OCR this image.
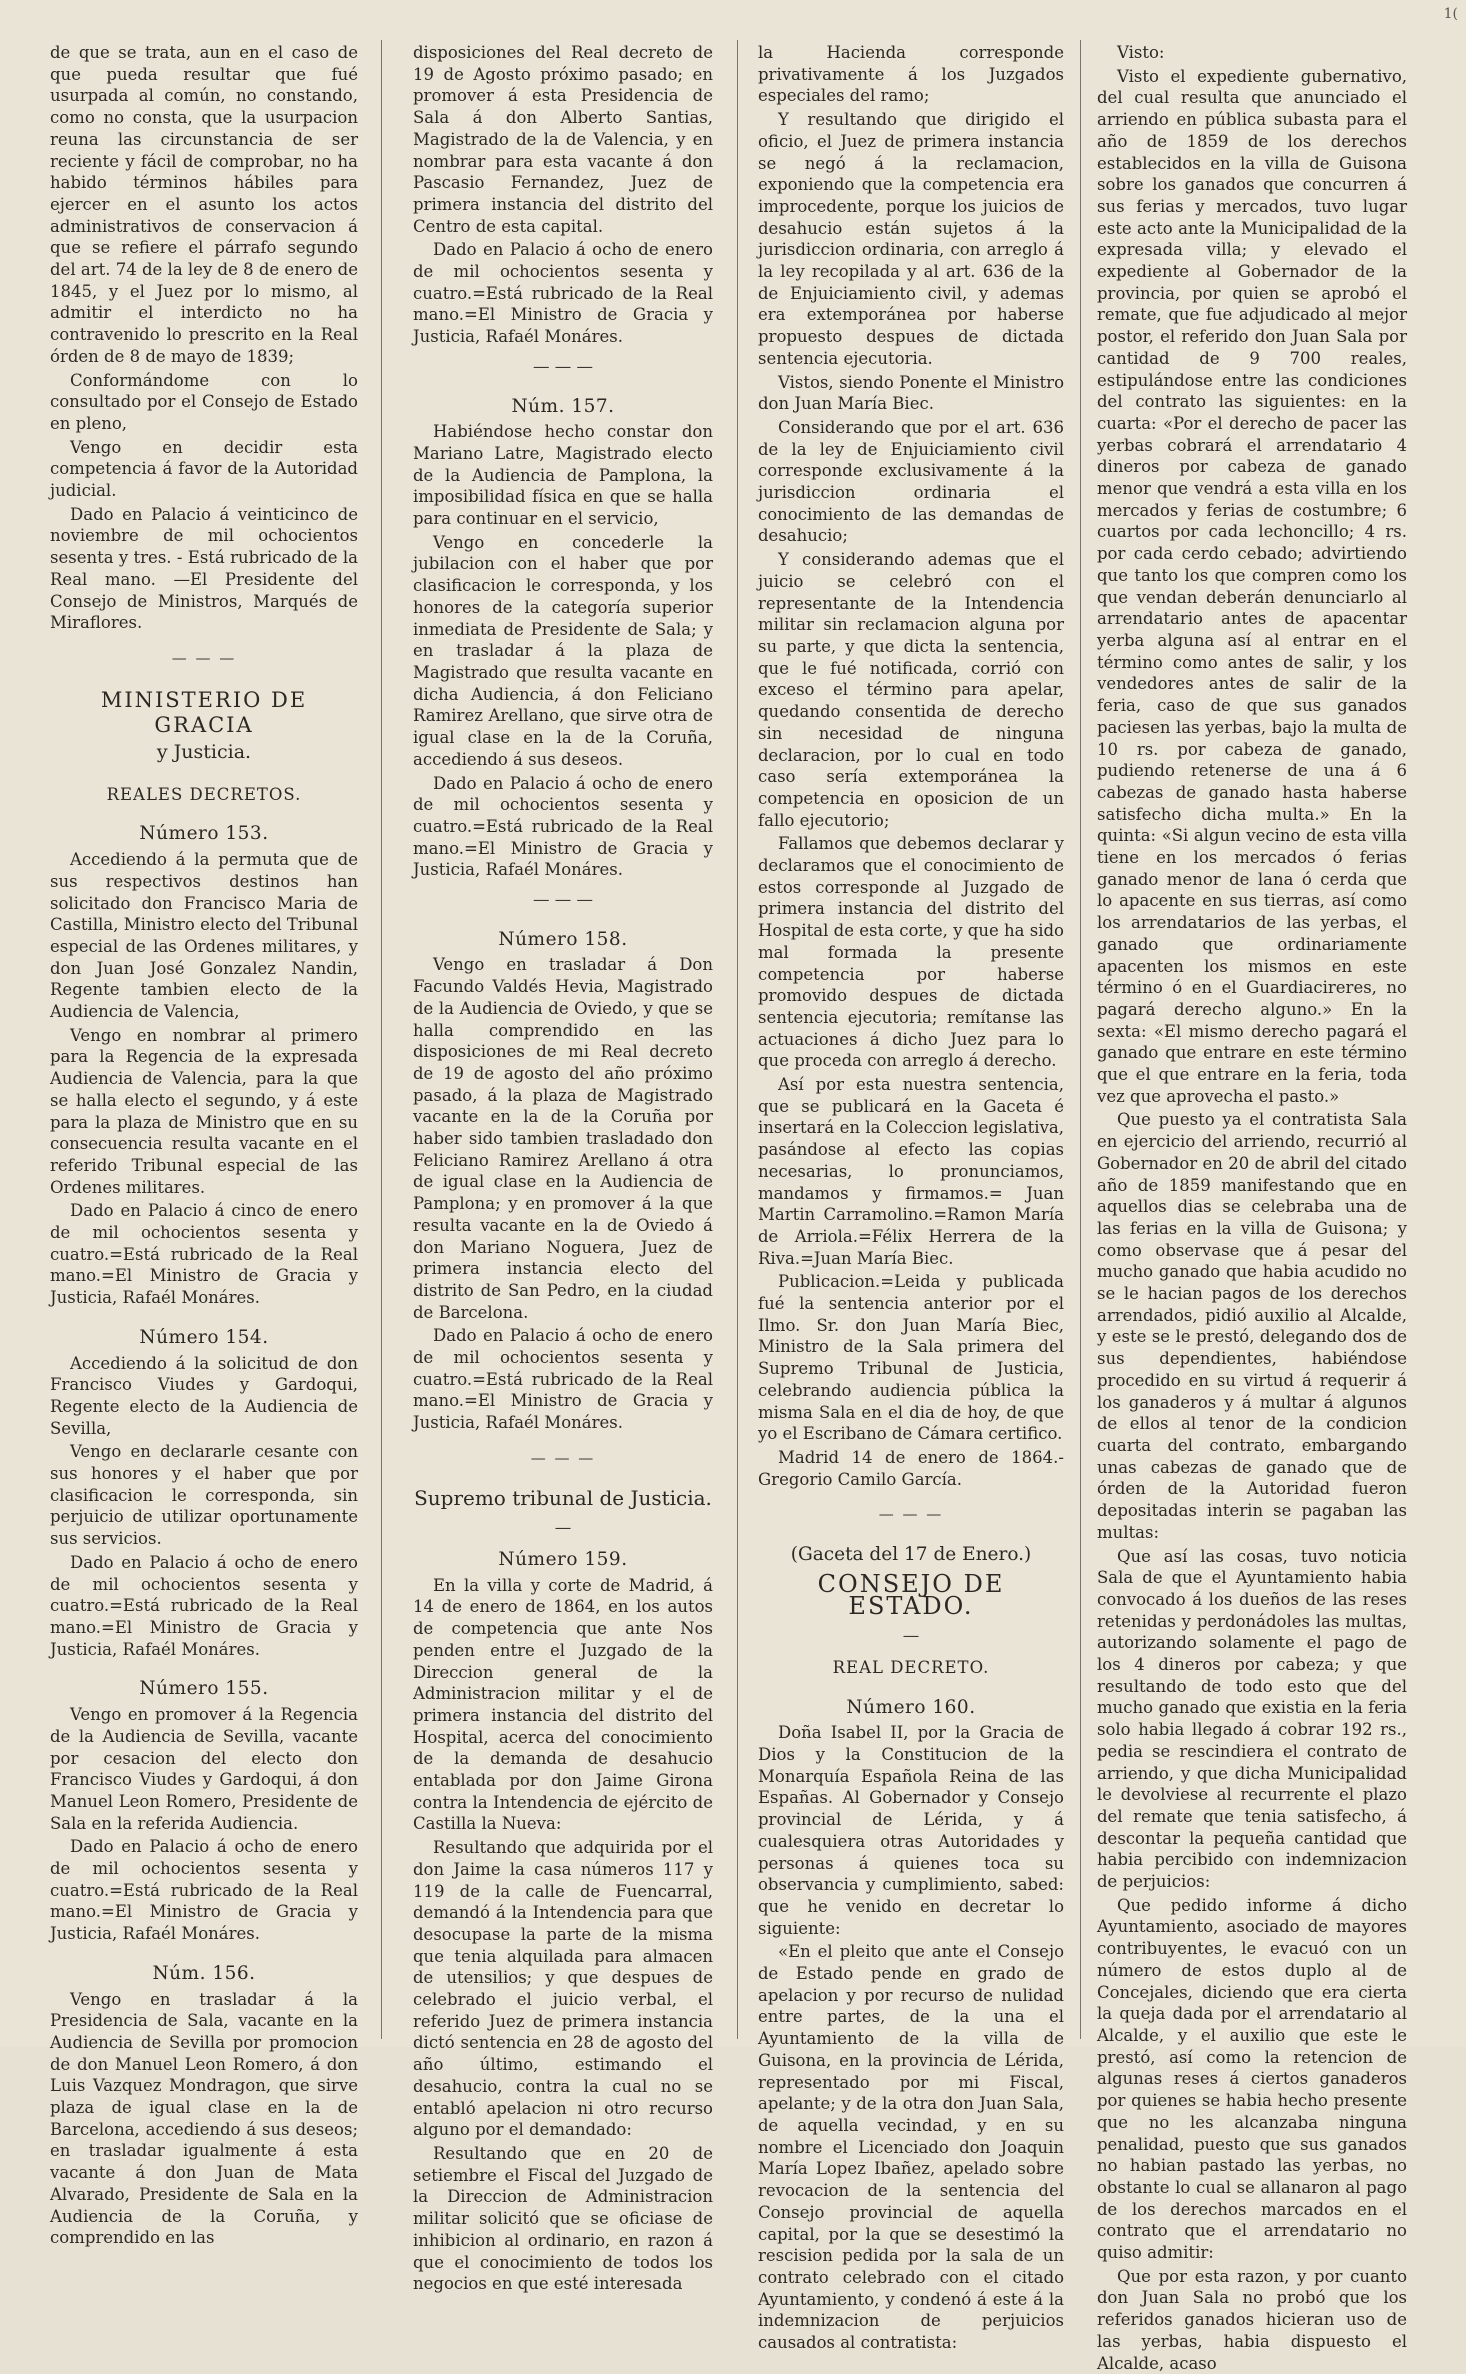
1(

de que se trata, aun en el caso de que pueda resultar que fué usurpada al común, no constando, como no consta, que la usurpacion reuna las circunstancia de ser reciente y fácil de comprobar, no ha habido términos hábiles para ejercer en el asunto los actos administrativos de conservacion á que se refiere el párrafo segundo del art. 74 de la ley de 8 de enero de 1845, y el Juez por lo mismo, al admitir el interdicto no ha contravenido lo prescrito en la Real órden de 8 de mayo de 1839;

Conformándome con lo consultado por el Consejo de Estado en pleno,

Vengo en decidir esta competencia á favor de la Autoridad judicial.

Dado en Palacio á veinticinco de noviembre de mil ochocientos sesenta y tres. - Está rubricado de la Real mano. —El Presidente del Consejo de Ministros, Marqués de Miraflores.

— — —
MINISTERIO DE GRACIA
y Justicia.
REALES DECRETOS.
Número 153.

Accediendo á la permuta que de sus respectivos destinos han solicitado don Francisco Maria de Castilla, Ministro electo del Tribunal especial de las Ordenes militares, y don Juan José Gonzalez Nandin, Regente tambien electo de la Audiencia de Valencia,

Vengo en nombrar al primero para la Regencia de la expresada Audiencia de Valencia, para la que se halla electo el segundo, y á este para la plaza de Ministro que en su consecuencia resulta vacante en el referido Tribunal especial de las Ordenes militares.

Dado en Palacio á cinco de enero de mil ochocientos sesenta y cuatro.=Está rubricado de la Real mano.=El Ministro de Gracia y Justicia, Rafaél Monáres.

Número 154.

Accediendo á la solicitud de don Francisco Viudes y Gardoqui, Regente electo de la Audiencia de Sevilla,

Vengo en declararle cesante con sus honores y el haber que por clasificacion le corresponda, sin perjuicio de utilizar oportunamente sus servicios.

Dado en Palacio á ocho de enero de mil ochocientos sesenta y cuatro.=Está rubricado de la Real mano.=El Ministro de Gracia y Justicia, Rafaél Monáres.

Número 155.

Vengo en promover á la Regencia de la Audiencia de Sevilla, vacante por cesacion del electo don Francisco Viudes y Gardoqui, á don Manuel Leon Romero, Presidente de Sala en la referida Audiencia.

Dado en Palacio á ocho de enero de mil ochocientos sesenta y cuatro.=Está rubricado de la Real mano.=El Ministro de Gracia y Justicia, Rafaél Monáres.

Núm. 156.

Vengo en trasladar á la Presidencia de Sala, vacante en la Audiencia de Sevilla por promocion de don Manuel Leon Romero, á don Luis Vazquez Mondragon, que sirve plaza de igual clase en la de Barcelona, accediendo á sus deseos; en trasladar igualmente á esta vacante á don Juan de Mata Alvarado, Presidente de Sala en la Audiencia de la Coruña, y comprendido en las

disposiciones del Real decreto de 19 de Agosto próximo pasado; en promover á esta Presidencia de Sala á don Alberto Santias, Magistrado de la de Valencia, y en nombrar para esta vacante á don Pascasio Fernandez, Juez de primera instancia del distrito del Centro de esta capital.

Dado en Palacio á ocho de enero de mil ochocientos sesenta y cuatro.=Está rubricado de la Real mano.=El Ministro de Gracia y Justicia, Rafaél Monáres.

— — —
Núm. 157.

Habiéndose hecho constar don Mariano Latre, Magistrado electo de la Audiencia de Pamplona, la imposibilidad física en que se halla para continuar en el servicio,

Vengo en concederle la jubilacion con el haber que por clasificacion le corresponda, y los honores de la categoría superior inmediata de Presidente de Sala; y en trasladar á la plaza de Magistrado que resulta vacante en dicha Audiencia, á don Feliciano Ramirez Arellano, que sirve otra de igual clase en la de la Coruña, accediendo á sus deseos.

Dado en Palacio á ocho de enero de mil ochocientos sesenta y cuatro.=Está rubricado de la Real mano.=El Ministro de Gracia y Justicia, Rafaél Monáres.

— — —
Número 158.

Vengo en trasladar á Don Facundo Valdés Hevia, Magistrado de la Audiencia de Oviedo, y que se halla comprendido en las disposiciones de mi Real decreto de 19 de agosto del año próximo pasado, á la plaza de Magistrado vacante en la de la Coruña por haber sido tambien trasladado don Feliciano Ramirez Arellano á otra de igual clase en la Audiencia de Pamplona; y en promover á la que resulta vacante en la de Oviedo á don Mariano Noguera, Juez de primera instancia electo del distrito de San Pedro, en la ciudad de Barcelona.

Dado en Palacio á ocho de enero de mil ochocientos sesenta y cuatro.=Está rubricado de la Real mano.=El Ministro de Gracia y Justicia, Rafaél Monáres.

— — —
Supremo tribunal de Justicia.
—
Número 159.

En la villa y corte de Madrid, á 14 de enero de 1864, en los autos de competencia que ante Nos penden entre el Juzgado de la Direccion general de la Administracion militar y el de primera instancia del distrito del Hospital, acerca del conocimiento de la demanda de desahucio entablada por don Jaime Girona contra la Intendencia de ejército de Castilla la Nueva:

Resultando que adquirida por el don Jaime la casa números 117 y 119 de la calle de Fuencarral, demandó á la Intendencia para que desocupase la parte de la misma que tenia alquilada para almacen de utensilios; y que despues de celebrado el juicio verbal, el referido Juez de primera instancia dictó sentencia en 28 de agosto del año último, estimando el desahucio, contra la cual no se entabló apelacion ni otro recurso alguno por el demandado:

Resultando que en 20 de setiembre el Fiscal del Juzgado de la Direccion de Administracion militar solicitó que se oficiase de inhibicion al ordinario, en razon á que el conocimiento de todos los negocios en que esté interesada

la Hacienda corresponde privativamente á los Juzgados especiales del ramo;

Y resultando que dirigido el oficio, el Juez de primera instancia se negó á la reclamacion, exponiendo que la competencia era improcedente, porque los juicios de desahucio están sujetos á la jurisdiccion ordinaria, con arreglo á la ley recopilada y al art. 636 de la de Enjuiciamiento civil, y ademas era extemporánea por haberse propuesto despues de dictada sentencia ejecutoria.

Vistos, siendo Ponente el Ministro don Juan María Biec.

Considerando que por el art. 636 de la ley de Enjuiciamiento civil corresponde exclusivamente á la jurisdiccion ordinaria el conocimiento de las demandas de desahucio;

Y considerando ademas que el juicio se celebró con el representante de la Intendencia militar sin reclamacion alguna por su parte, y que dicta la sentencia, que le fué notificada, corrió con exceso el término para apelar, quedando consentida de derecho sin necesidad de ninguna declaracion, por lo cual en todo caso sería extemporánea la competencia en oposicion de un fallo ejecutorio;

Fallamos que debemos declarar y declaramos que el conocimiento de estos corresponde al Juzgado de primera instancia del distrito del Hospital de esta corte, y que ha sido mal formada la presente competencia por haberse promovido despues de dictada sentencia ejecutoria; remítanse las actuaciones á dicho Juez para lo que proceda con arreglo á derecho.

Así por esta nuestra sentencia, que se publicará en la Gaceta é insertará en la Coleccion legislativa, pasándose al efecto las copias necesarias, lo pronunciamos, mandamos y firmamos.= Juan Martin Carramolino.=Ramon María de Arriola.=Félix Herrera de la Riva.=Juan María Biec.

Publicacion.=Leida y publicada fué la sentencia anterior por el Ilmo. Sr. don Juan María Biec, Ministro de la Sala primera del Supremo Tribunal de Justicia, celebrando audiencia pública la misma Sala en el dia de hoy, de que yo el Escribano de Cámara certifico.

Madrid 14 de enero de 1864.-Gregorio Camilo García.

— — —
(Gaceta del 17 de Enero.)
CONSEJO DE ESTADO.
—
REAL DECRETO.
Número 160.

Doña Isabel II, por la Gracia de Dios y la Constitucion de la Monarquía Española Reina de las Españas. Al Gobernador y Consejo provincial de Lérida, y á cualesquiera otras Autoridades y personas á quienes toca su observancia y cumplimiento, sabed: que he venido en decretar lo siguiente:

«En el pleito que ante el Consejo de Estado pende en grado de apelacion y por recurso de nulidad entre partes, de la una el Ayuntamiento de la villa de Guisona, en la provincia de Lérida, representado por mi Fiscal, apelante; y de la otra don Juan Sala, de aquella vecindad, y en su nombre el Licenciado don Joaquin María Lopez Ibañez, apelado sobre revocacion de la sentencia del Consejo provincial de aquella capital, por la que se desestimó la rescision pedida por la sala de un contrato celebrado con el citado Ayuntamiento, y condenó á este á la indemnizacion de perjuicios causados al contratista:

Visto:

Visto el expediente gubernativo, del cual resulta que anunciado el arriendo en pública subasta para el año de 1859 de los derechos establecidos en la villa de Guisona sobre los ganados que concurren á sus ferias y mercados, tuvo lugar este acto ante la Municipalidad de la expresada villa; y elevado el expediente al Gobernador de la provincia, por quien se aprobó el remate, que fue adjudicado al mejor postor, el referido don Juan Sala por cantidad de 9 700 reales, estipulándose entre las condiciones del contrato las siguientes: en la cuarta: «Por el derecho de pacer las yerbas cobrará el arrendatario 4 dineros por cabeza de ganado menor que vendrá a esta villa en los mercados y ferias de costumbre; 6 cuartos por cada lechoncillo; 4 rs. por cada cerdo cebado; advirtiendo que tanto los que compren como los que vendan deberán denunciarlo al arrendatario antes de apacentar yerba alguna así al entrar en el término como antes de salir, y los vendedores antes de salir de la feria, caso de que sus ganados paciesen las yerbas, bajo la multa de 10 rs. por cabeza de ganado, pudiendo retenerse de una á 6 cabezas de ganado hasta haberse satisfecho dicha multa.» En la quinta: «Si algun vecino de esta villa tiene en los mercados ó ferias ganado menor de lana ó cerda que lo apacente en sus tierras, así como los arrendatarios de las yerbas, el ganado que ordinariamente apacenten los mismos en este término ó en el Guardiacireres, no pagará derecho alguno.» En la sexta: «El mismo derecho pagará el ganado que entrare en este término que el que entrare en la feria, toda vez que aprovecha el pasto.»

Que puesto ya el contratista Sala en ejercicio del arriendo, recurrió al Gobernador en 20 de abril del citado año de 1859 manifestando que en aquellos dias se celebraba una de las ferias en la villa de Guisona; y como observase que á pesar del mucho ganado que habia acudido no se le hacian pagos de los derechos arrendados, pidió auxilio al Alcalde, y este se le prestó, delegando dos de sus dependientes, habiéndose procedido en su virtud á requerir á los ganaderos y á multar á algunos de ellos al tenor de la condicion cuarta del contrato, embargando unas cabezas de ganado que de órden de la Autoridad fueron depositadas interin se pagaban las multas:

Que así las cosas, tuvo noticia Sala de que el Ayuntamiento habia convocado á los dueños de las reses retenidas y perdonádoles las multas, autorizando solamente el pago de los 4 dineros por cabeza; y que resultando de todo esto que del mucho ganado que existia en la feria solo habia llegado á cobrar 192 rs., pedia se rescindiera el contrato de arriendo, y que dicha Municipalidad le devolviese al recurrente el plazo del remate que tenia satisfecho, á descontar la pequeña cantidad que habia percibido con indemnizacion de perjuicios:

Que pedido informe á dicho Ayuntamiento, asociado de mayores contribuyentes, le evacuó con un número de estos duplo al de Concejales, diciendo que era cierta la queja dada por el arrendatario al Alcalde, y el auxilio que este le prestó, así como la retencion de algunas reses á ciertos ganaderos por quienes se habia hecho presente que no les alcanzaba ninguna penalidad, puesto que sus ganados no habian pastado las yerbas, no obstante lo cual se allanaron al pago de los derechos marcados en el contrato que el arrendatario no quiso admitir:

Que por esta razon, y por cuanto don Juan Sala no probó que los referidos ganados hicieran uso de las yerbas, habia dispuesto el Alcalde, acaso
